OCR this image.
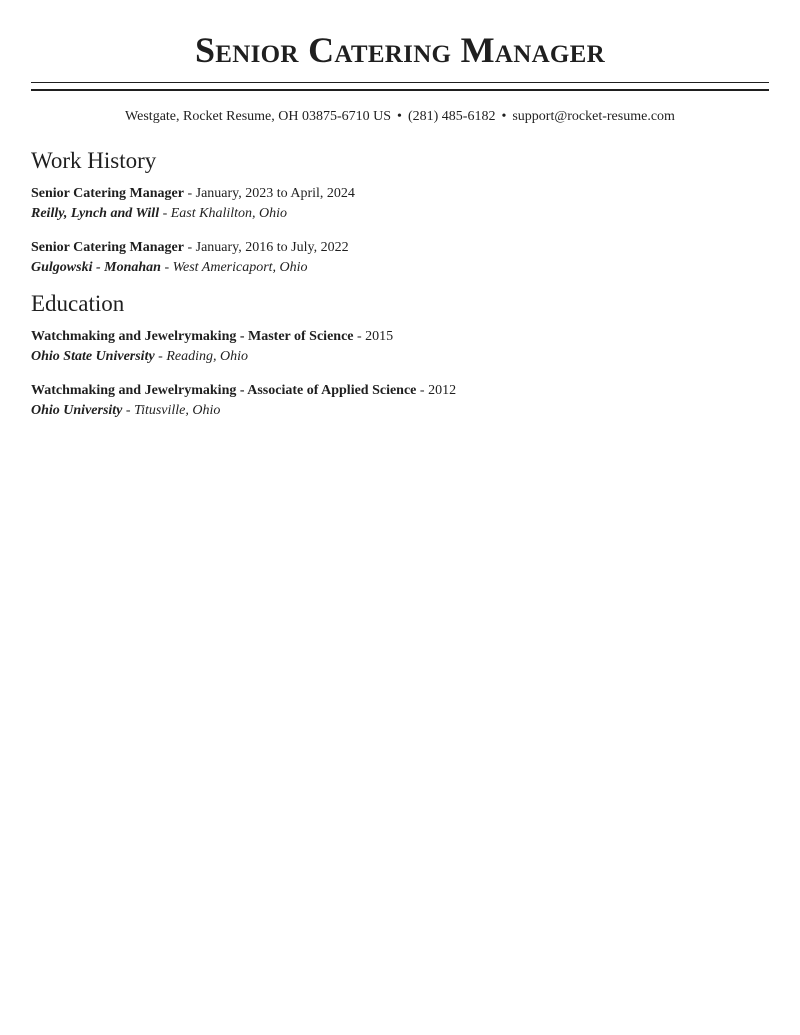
Senior Catering Manager
Westgate, Rocket Resume, OH 03875-6710 US • (281) 485-6182 • support@rocket-resume.com
Work History
Senior Catering Manager - January, 2023 to April, 2024
Reilly, Lynch and Will - East Khalilton, Ohio
Senior Catering Manager - January, 2016 to July, 2022
Gulgowski - Monahan - West Americaport, Ohio
Education
Watchmaking and Jewelrymaking - Master of Science - 2015
Ohio State University - Reading, Ohio
Watchmaking and Jewelrymaking - Associate of Applied Science - 2012
Ohio University - Titusville, Ohio
